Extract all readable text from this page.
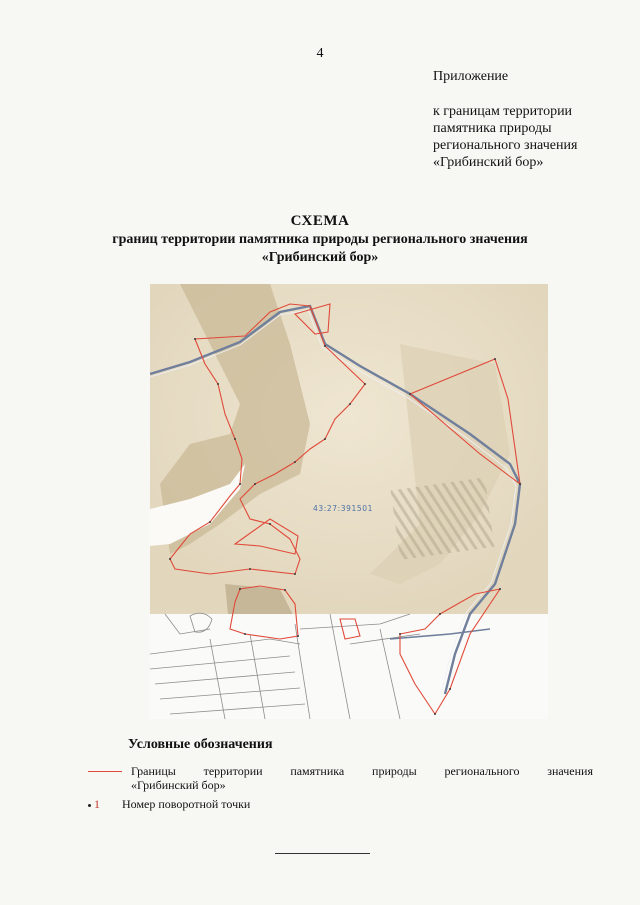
4
Приложение
к границам территории
памятника природы
регионального значения
«Грибинский бор»
СХЕМА
границ территории памятника природы регионального значения
«Грибинский бор»
43:27:391501
Условные обозначения
Границы территории памятника природы регионального значения
«Грибинский бор»
1 Номер поворотной точки
